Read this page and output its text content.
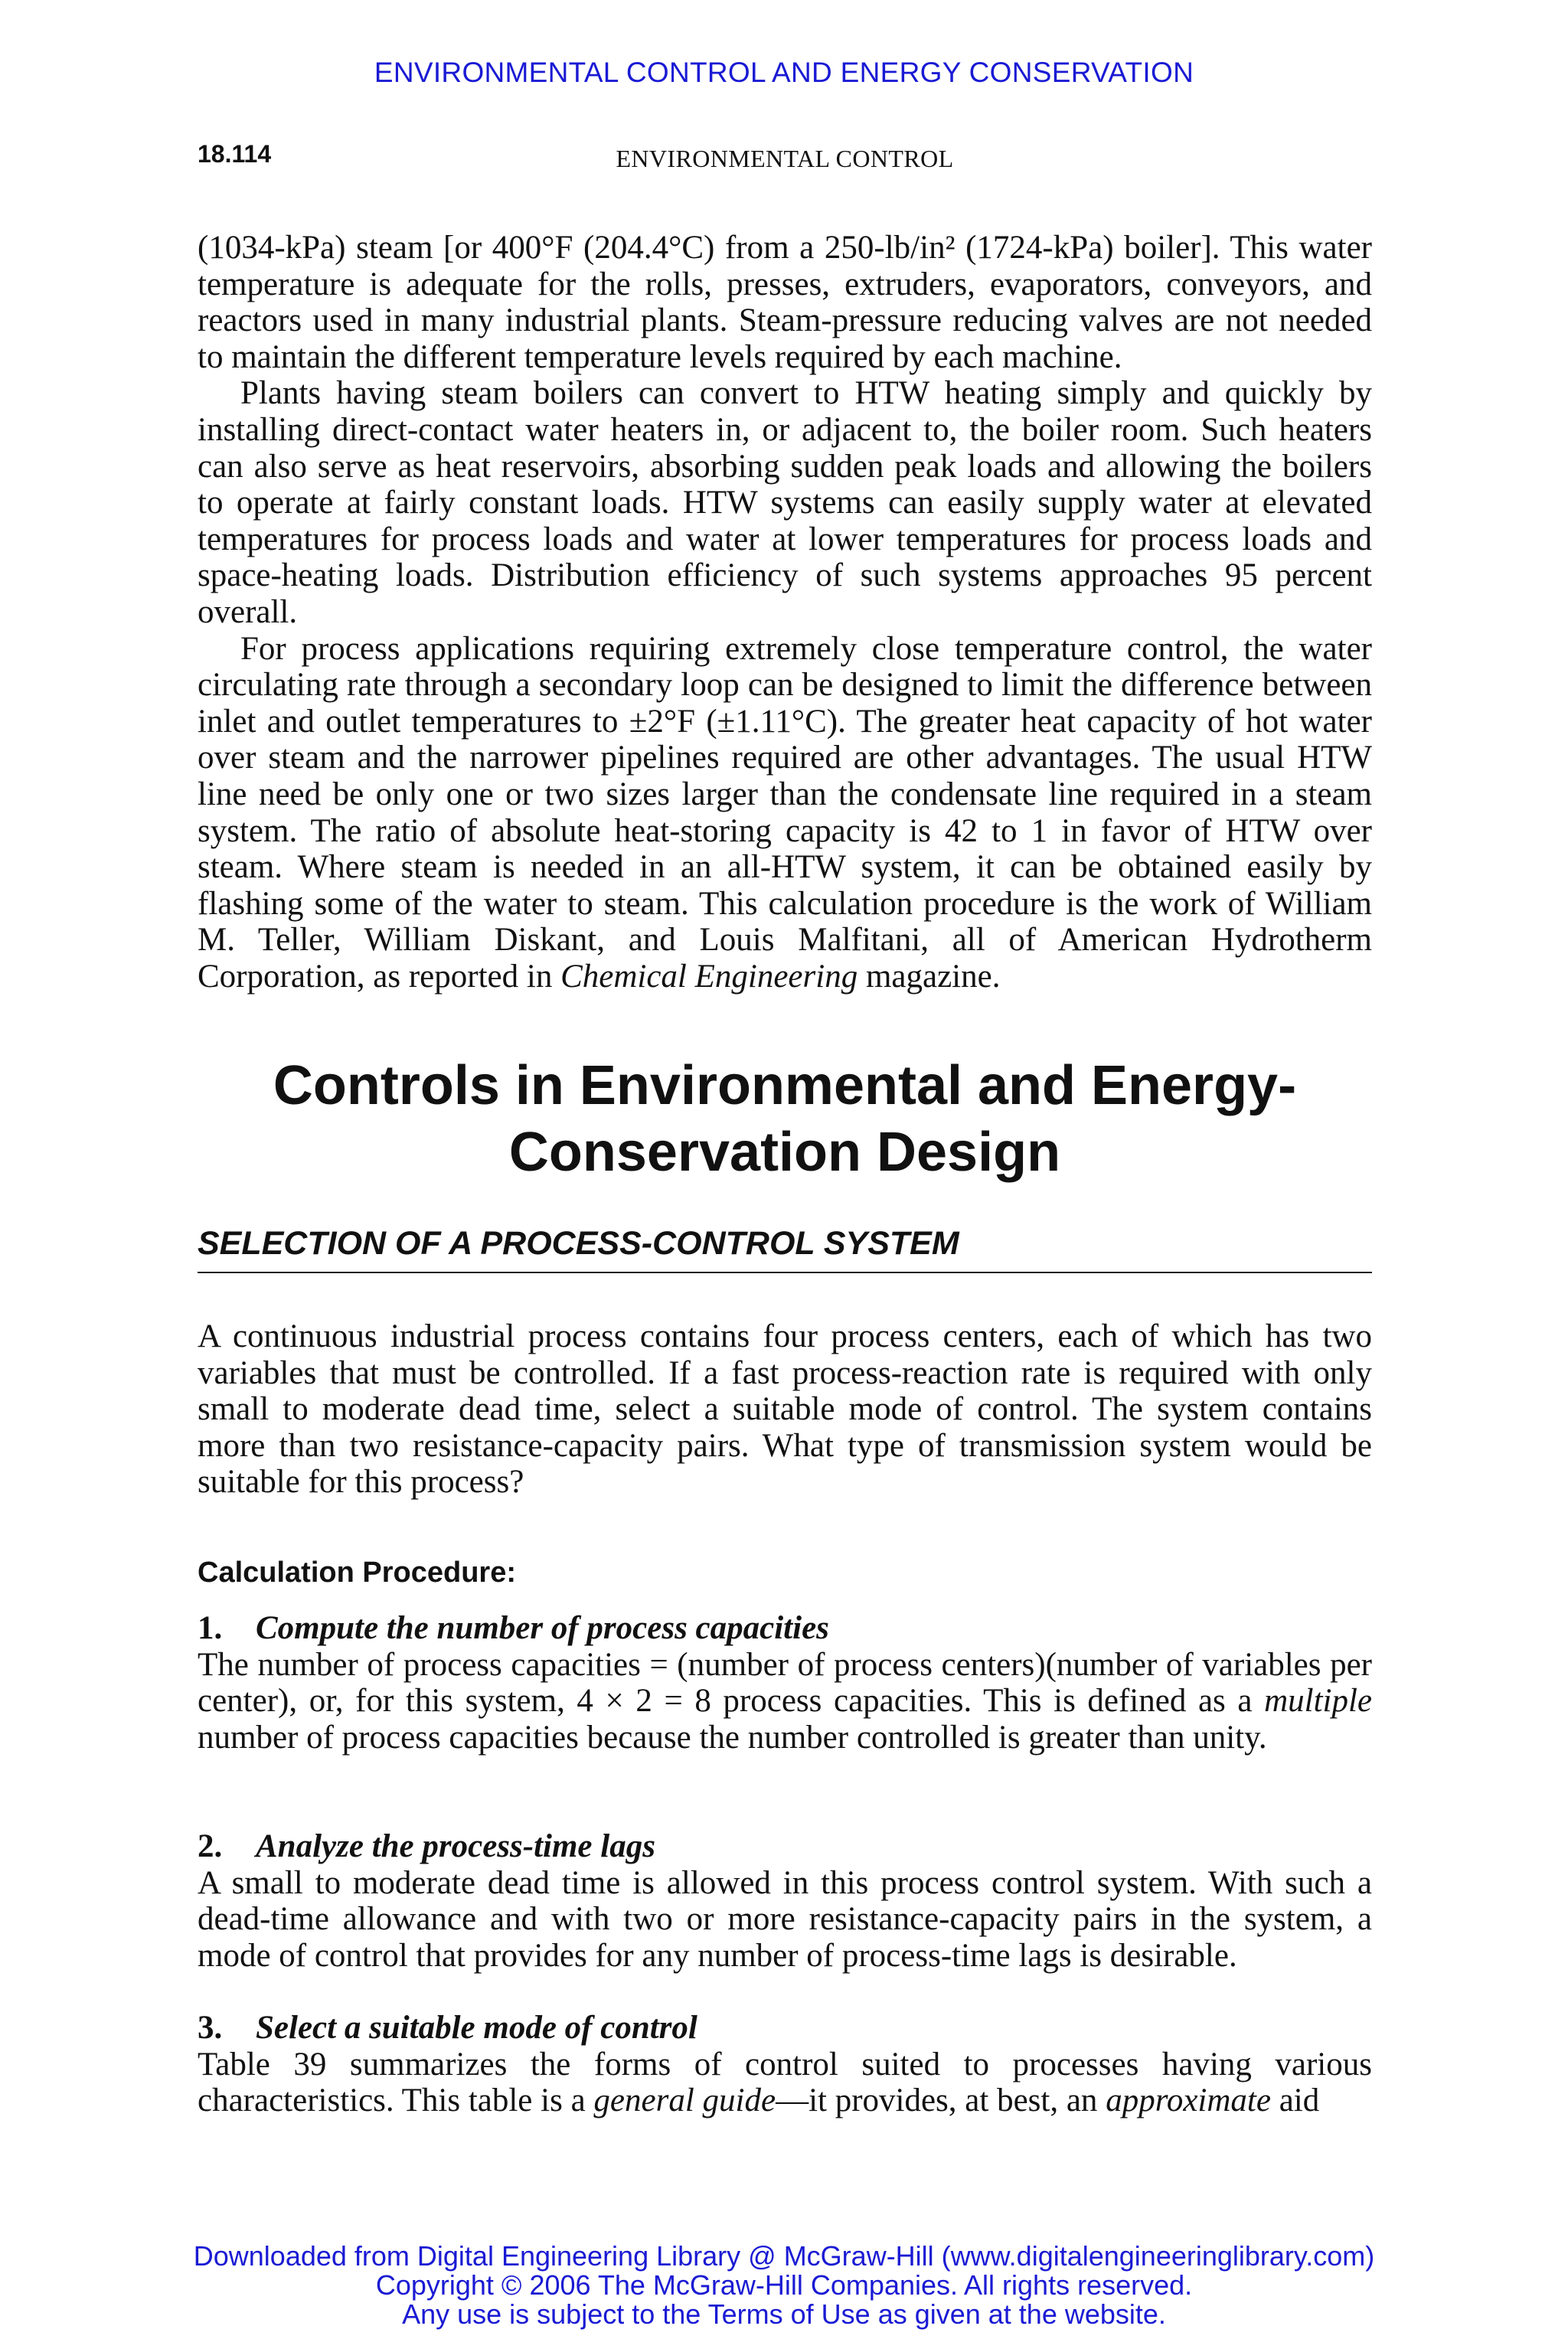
ENVIRONMENTAL CONTROL AND ENERGY CONSERVATION
18.114	ENVIRONMENTAL CONTROL

(1034-kPa) steam [or 400°F (204.4°C) from a 250-lb/in² (1724-kPa) boiler]. This water temperature is adequate for the rolls, presses, extruders, evaporators, conveyors, and reactors used in many industrial plants. Steam-pressure reducing valves are not needed to maintain the different temperature levels required by each machine.

Plants having steam boilers can convert to HTW heating simply and quickly by installing direct-contact water heaters in, or adjacent to, the boiler room. Such heaters can also serve as heat reservoirs, absorbing sudden peak loads and allowing the boilers to operate at fairly constant loads. HTW systems can easily supply water at elevated temperatures for process loads and water at lower temperatures for process loads and space-heating loads. Distribution efficiency of such systems approaches 95 percent overall.

For process applications requiring extremely close temperature control, the water circulating rate through a secondary loop can be designed to limit the difference between inlet and outlet temperatures to ±2°F (±1.11°C). The greater heat capacity of hot water over steam and the narrower pipelines required are other advantages. The usual HTW line need be only one or two sizes larger than the condensate line required in a steam system. The ratio of absolute heat-storing capacity is 42 to 1 in favor of HTW over steam. Where steam is needed in an all-HTW system, it can be obtained easily by flashing some of the water to steam. This calculation procedure is the work of William M. Teller, William Diskant, and Louis Malfitani, all of American Hydrotherm Corporation, as reported in Chemical Engineering magazine.

Controls in Environmental and Energy-Conservation Design
SELECTION OF A PROCESS-CONTROL SYSTEM

A continuous industrial process contains four process centers, each of which has two variables that must be controlled. If a fast process-reaction rate is required with only small to moderate dead time, select a suitable mode of control. The system contains more than two resistance-capacity pairs. What type of transmission system would be suitable for this process?

Calculation Procedure:
1. Compute the number of process capacities

The number of process capacities = (number of process centers)(number of variables per center), or, for this system, 4 × 2 = 8 process capacities. This is defined as a multiple number of process capacities because the number controlled is greater than unity.

2. Analyze the process-time lags

A small to moderate dead time is allowed in this process control system. With such a dead-time allowance and with two or more resistance-capacity pairs in the system, a mode of control that provides for any number of process-time lags is desirable.

3. Select a suitable mode of control

Table 39 summarizes the forms of control suited to processes having various characteristics. This table is a general guide—it provides, at best, an approximate aid

Downloaded from Digital Engineering Library @ McGraw-Hill (www.digitalengineeringlibrary.com)
Copyright © 2006 The McGraw-Hill Companies. All rights reserved.
Any use is subject to the Terms of Use as given at the website.
